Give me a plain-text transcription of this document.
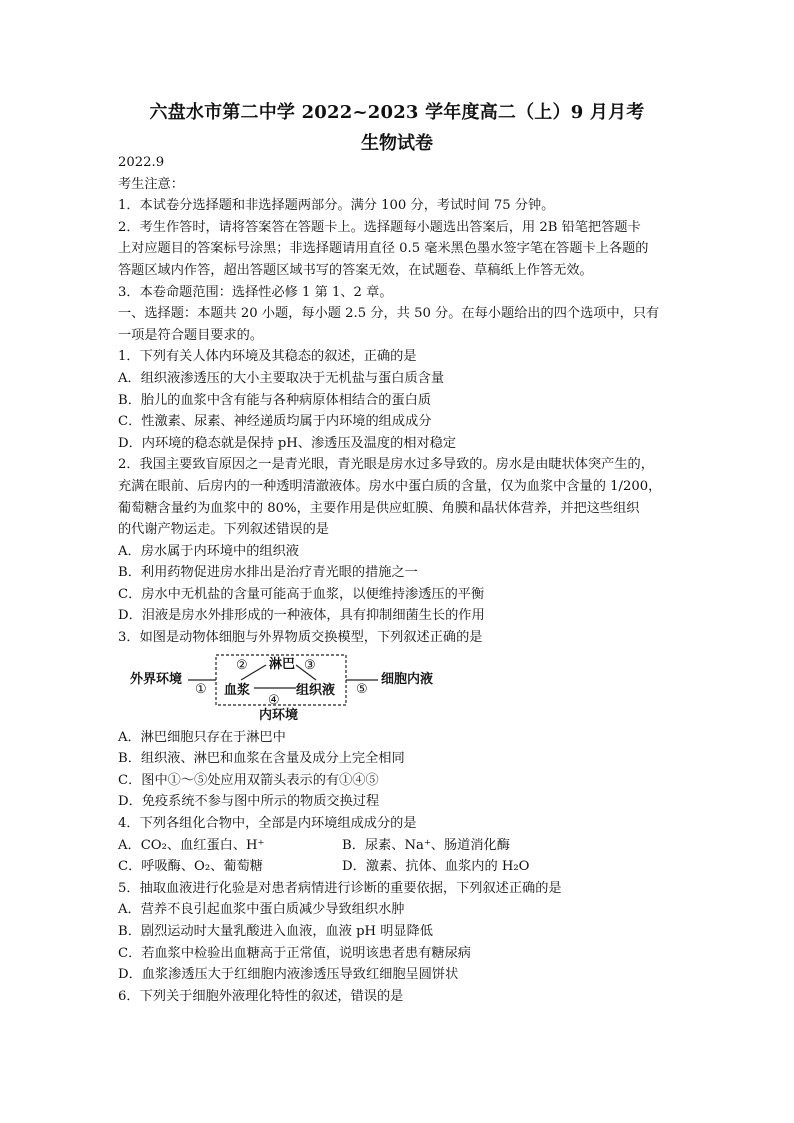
六盘水市第二中学 2022~2023 学年度高二（上）9 月月考
生物试卷

2022.9

考生注意：

1．本试卷分选择题和非选择题两部分。满分 100 分，考试时间 75 分钟。

2．考生作答时，请将答案答在答题卡上。选择题每小题选出答案后，用 2B 铅笔把答题卡

上对应题目的答案标号涂黑；非选择题请用直径 0.5 毫米黑色墨水签字笔在答题卡上各题的

答题区域内作答，超出答题区域书写的答案无效，在试题卷、草稿纸上作答无效。

3．本卷命题范围：选择性必修 1 第 1、2 章。

一、选择题：本题共 20 小题，每小题 2.5 分，共 50 分。在每小题给出的四个选项中，只有

一项是符合题目要求的。

1．下列有关人体内环境及其稳态的叙述，正确的是

A．组织液渗透压的大小主要取决于无机盐与蛋白质含量

B．胎儿的血浆中含有能与各种病原体相结合的蛋白质

C．性激素、尿素、神经递质均属于内环境的组成成分

D．内环境的稳态就是保持 pH、渗透压及温度的相对稳定

2．我国主要致盲原因之一是青光眼，青光眼是房水过多导致的。房水是由睫状体突产生的，

充满在眼前、后房内的一种透明清澈液体。房水中蛋白质的含量，仅为血浆中含量的 1/200，

葡萄糖含量约为血浆中的 80%，主要作用是供应虹膜、角膜和晶状体营养，并把这些组织

的代谢产物运走。下列叙述错误的是

A．房水属于内环境中的组织液

B．利用药物促进房水排出是治疗青光眼的措施之一

C．房水中无机盐的含量可能高于血浆，以便维持渗透压的平衡

D．泪液是房水外排形成的一种液体，具有抑制细菌生长的作用

3．如图是动物体细胞与外界物质交换模型，下列叙述正确的是

外界环境
①
② 淋巴 ③
血浆	组织液
④
内环境
⑤
细胞内液

A．淋巴细胞只存在于淋巴中

B．组织液、淋巴和血浆在含量及成分上完全相同

C．图中①～⑤处应用双箭头表示的有①④⑤

D．免疫系统不参与图中所示的物质交换过程

4．下列各组化合物中，全部是内环境组成成分的是

A．CO₂、血红蛋白、H⁺	B．尿素、Na⁺、肠道消化酶

C．呼吸酶、O₂、葡萄糖	D．激素、抗体、血浆内的 H₂O

5．抽取血液进行化验是对患者病情进行诊断的重要依据，下列叙述正确的是

A．营养不良引起血浆中蛋白质减少导致组织水肿

B．剧烈运动时大量乳酸进入血液，血液 pH 明显降低

C．若血浆中检验出血糖高于正常值，说明该患者患有糖尿病

D．血浆渗透压大于红细胞内液渗透压导致红细胞呈圆饼状

6．下列关于细胞外液理化特性的叙述，错误的是
